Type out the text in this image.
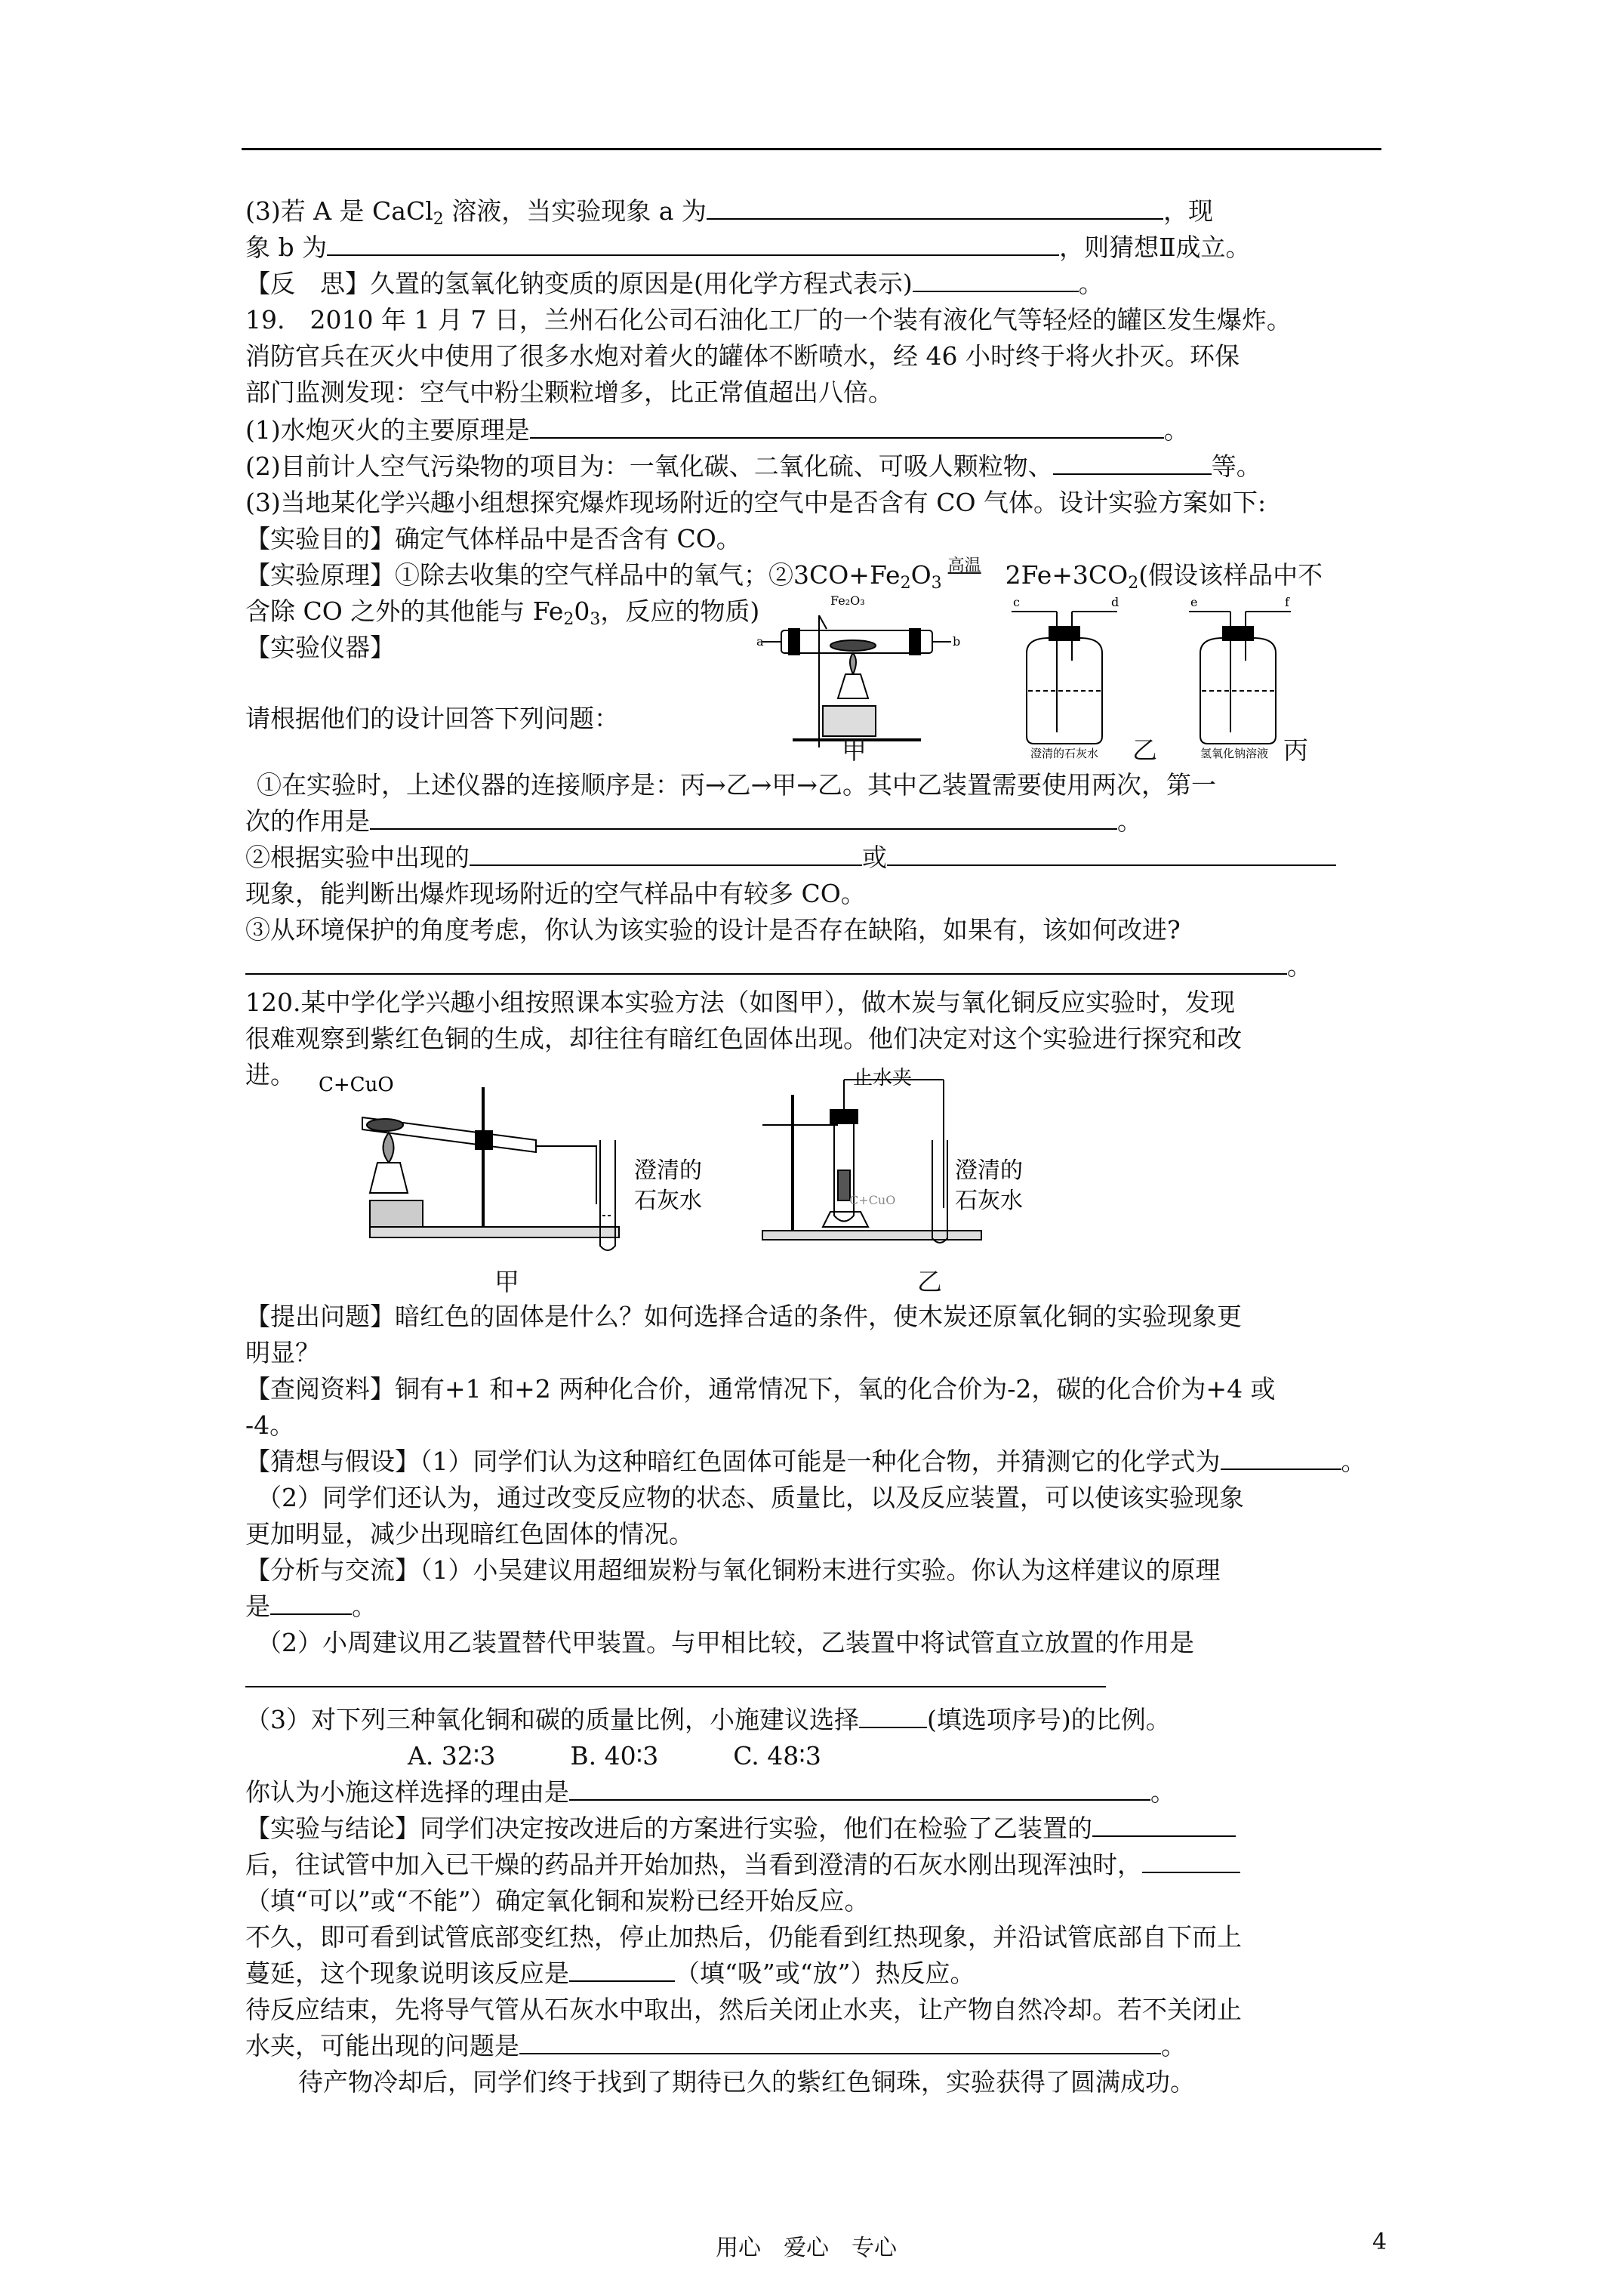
(3)若 A 是 CaCl$_2$ 溶液，当实验现象 a 为	，现
象 b 为	，则猜想Ⅱ成立。
【反　思】久置的氢氧化钠变质的原因是(用化学方程式表示)	。
19.　2010 年 1 月 7 日，兰州石化公司石油化工厂的一个装有液化气等轻烃的罐区发生爆炸。
消防官兵在灭火中使用了很多水炮对着火的罐体不断喷水，经 46 小时终于将火扑灭。环保
部门监测发现：空气中粉尘颗粒增多，比正常值超出八倍。
(1)水炮灭火的主要原理是	。
(2)目前计人空气污染物的项目为：一氧化碳、二氧化硫、可吸人颗粒物、	等。
(3)当地某化学兴趣小组想探究爆炸现场附近的空气中是否含有 CO 气体。设计实验方案如下:
【实验目的】确定气体样品中是否含有 CO。
【实验原理】①除去收集的空气样品中的氧气；$②3CO+Fe_2O_3$
高温 $2Fe+3CO_2$(假设该样品中不
含除 CO 之外的其他能与 $Fe_20_3$，反应的物质)
【实验仪器】
请根据他们的设计回答下列问题：
Fe₂O₃
a	b
c	d
澄清的石灰水
e	f
氢氧化钠溶液
甲	乙	丙
①在实验时，上述仪器的连接顺序是：丙→乙→甲→乙。其中乙装置需要使用两次，第一
次的作用是	。
②根据实验中出现的	或
现象，能判断出爆炸现场附近的空气样品中有较多 CO。
③从环境保护的角度考虑，你认为该实验的设计是否存在缺陷，如果有，该如何改进?
。
120.某中学化学兴趣小组按照课本实验方法（如图甲），做木炭与氧化铜反应实验时，发现
很难观察到紫红色铜的生成，却往往有暗红色固体出现。他们决定对这个实验进行探究和改
进。 C+CuO
澄清的
石灰水
止水夹
C+CuO
澄清的
石灰水
甲	乙
【提出问题】暗红色的固体是什么？如何选择合适的条件，使木炭还原氧化铜的实验现象更
明显？
【查阅资料】铜有+1 和+2 两种化合价，通常情况下，氧的化合价为-2，碳的化合价为+4 或
-4。
【猜想与假设】（1）同学们认为这种暗红色固体可能是一种化合物，并猜测它的化学式为	。
（2）同学们还认为，通过改变反应物的状态、质量比，以及反应装置，可以使该实验现象
更加明显，减少出现暗红色固体的情况。
【分析与交流】（1）小吴建议用超细炭粉与氧化铜粉末进行实验。你认为这样建议的原理
是	。
（2）小周建议用乙装置替代甲装置。与甲相比较，乙装置中将试管直立放置的作用是
（3）对下列三种氧化铜和碳的质量比例，小施建议选择	(填选项序号)的比例。
A. 32∶3　　　B. 40∶3　　　C. 48∶3
你认为小施这样选择的理由是	。
【实验与结论】同学们决定按改进后的方案进行实验，他们在检验了乙装置的
后，往试管中加入已干燥的药品并开始加热，当看到澄清的石灰水刚出现浑浊时，
（填“可以”或“不能”）确定氧化铜和炭粉已经开始反应。
不久，即可看到试管底部变红热，停止加热后，仍能看到红热现象，并沿试管底部自下而上
蔓延，这个现象说明该反应是	（填“吸”或“放”）热反应。
待反应结束，先将导气管从石灰水中取出，然后关闭止水夹，让产物自然冷却。若不关闭止
水夹，可能出现的问题是	。
待产物冷却后，同学们终于找到了期待已久的紫红色铜珠，实验获得了圆满成功。
用心　爱心　专心	4
